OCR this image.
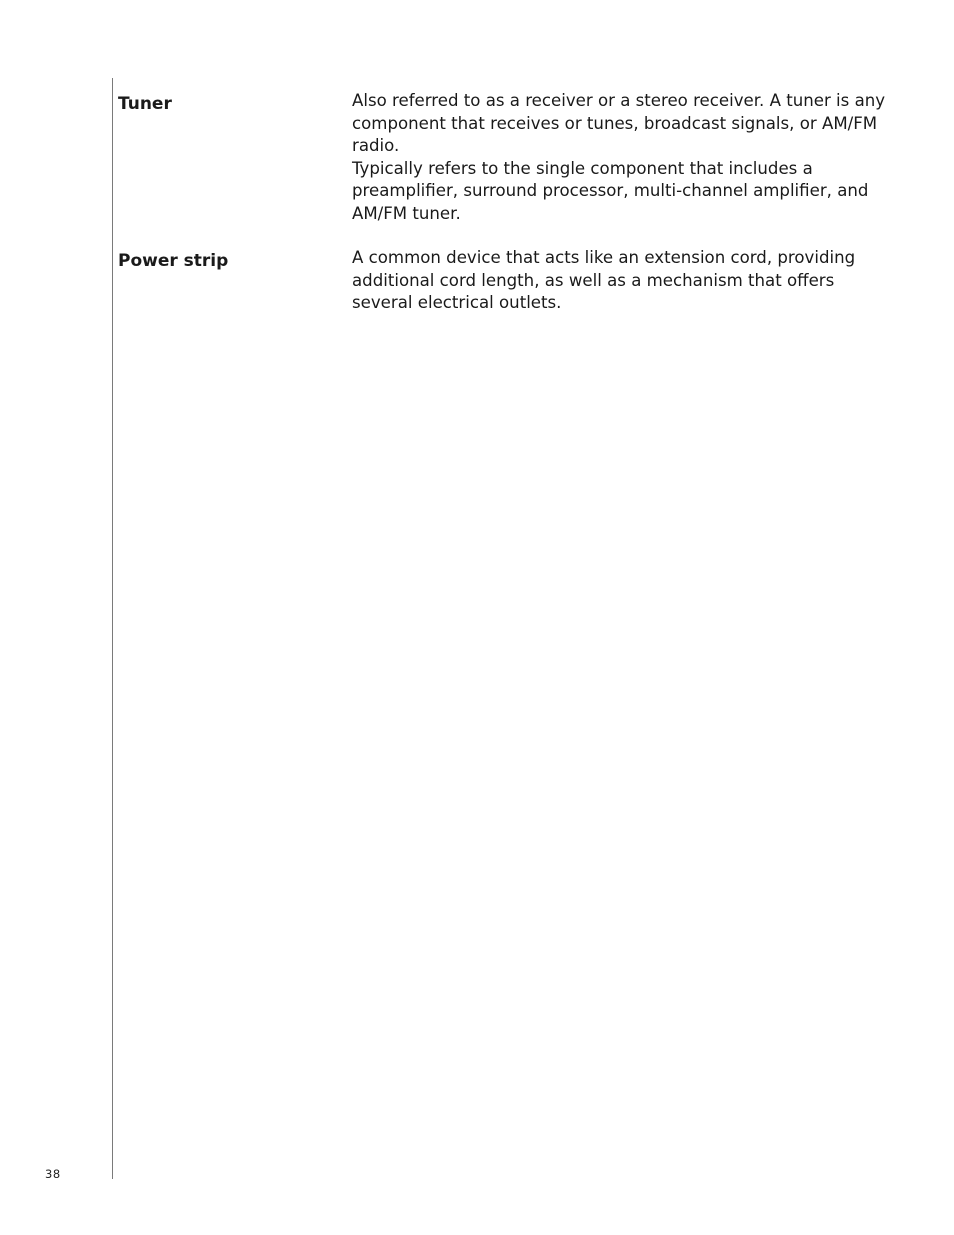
Tuner	Also referred to as a receiver or a stereo receiver. A tuner is any

component that receives or tunes, broadcast signals, or AM/FM

radio.

Typically refers to the single component that includes a

preamplifier, surround processor, multi-channel amplifier, and

AM/FM tuner.

Power strip	A common device that acts like an extension cord, providing

additional cord length, as well as a mechanism that offers

several electrical outlets.

38
